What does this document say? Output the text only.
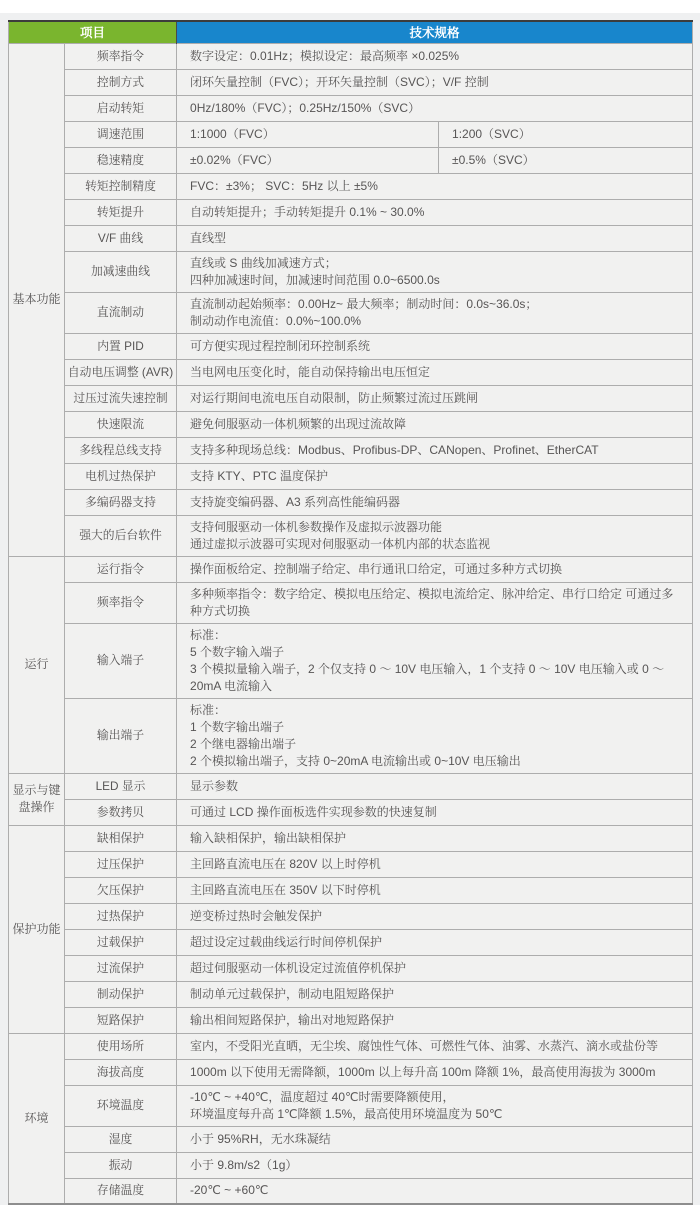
项目		技术规格	
基本功能	频率指令	数字设定：0.01Hz；模拟设定：最高频率 ×0.025%	

	控制方式	闭环矢量控制（FVC）；开环矢量控制（SVC）；V/F 控制	

	启动转矩	0Hz/180%（FVC）；0.25Hz/150%（SVC）	

	调速范围	1:1000（FVC）	1:200（SVC）
	稳速精度	±0.02%（FVC）	±0.5%（SVC）
	转矩控制精度	FVC：±3%； SVC：5Hz 以上 ±5%	

	转矩提升	自动转矩提升；手动转矩提升 0.1% ~ 30.0%	

	V/F 曲线	直线型	

	加减速曲线	直线或 S 曲线加减速方式；
四种加减速时间，加减速时间范围 0.0~6500.0s	

	直流制动	直流制动起始频率：0.00Hz~ 最大频率；制动时间：0.0s~36.0s；
制动动作电流值：0.0%~100.0%	

	内置 PID	可方便实现过程控制闭环控制系统	

	自动电压调整 (AVR)	当电网电压变化时，能自动保持输出电压恒定	

	过压过流失速控制	对运行期间电流电压自动限制，防止频繁过流过压跳闸	

	快速限流	避免伺服驱动一体机频繁的出现过流故障	

	多线程总线支持	支持多种现场总线：Modbus、Profibus-DP、CANopen、Profinet、EtherCAT	

	电机过热保护	支持 KTY、PTC 温度保护	

	多编码器支持	支持旋变编码器、A3 系列高性能编码器	

	强大的后台软件	支持伺服驱动一体机参数操作及虚拟示波器功能
通过虚拟示波器可实现对伺服驱动一体机内部的状态监视	

运行	运行指令	操作面板给定、控制端子给定、串行通讯口给定，可通过多种方式切换	

	频率指令	多种频率指令：数字给定、模拟电压给定、模拟电流给定、脉冲给定、串行口给定 可通过多种方式切换	

	输入端子	标准：
5 个数字输入端子
3 个模拟量输入端子，2 个仅支持 0 ～ 10V 电压输入，1 个支持 0 ～ 10V 电压输入或 0 ～ 20mA 电流输入	

	输出端子	标准：
1 个数字输出端子
2 个继电器输出端子
2 个模拟输出端子，支持 0~20mA 电流输出或 0~10V 电压输出	

显示与键盘操作	LED 显示	显示参数	

	参数拷贝	可通过 LCD 操作面板选件实现参数的快速复制	

保护功能	缺相保护	输入缺相保护，输出缺相保护	

	过压保护	主回路直流电压在 820V 以上时停机	

	欠压保护	主回路直流电压在 350V 以下时停机	

	过热保护	逆变桥过热时会触发保护	

	过载保护	超过设定过载曲线运行时间停机保护	

	过流保护	超过伺服驱动一体机设定过流值停机保护	

	制动保护	制动单元过载保护，制动电阻短路保护	

	短路保护	输出相间短路保护，输出对地短路保护	

环境	使用场所	室内，不受阳光直晒，无尘埃、腐蚀性气体、可燃性气体、油雾、水蒸汽、滴水或盐份等	

	海拔高度	1000m 以下使用无需降额，1000m 以上每升高 100m 降额 1%，最高使用海拔为 3000m	

	环境温度	-10℃ ~ +40℃，温度超过 40℃时需要降额使用，
环境温度每升高 1℃降额 1.5%，最高使用环境温度为 50℃	

	湿度	小于 95%RH，无水珠凝结	

	振动	小于 9.8m/s2（1g）	

	存储温度	-20℃ ~ +60℃	
